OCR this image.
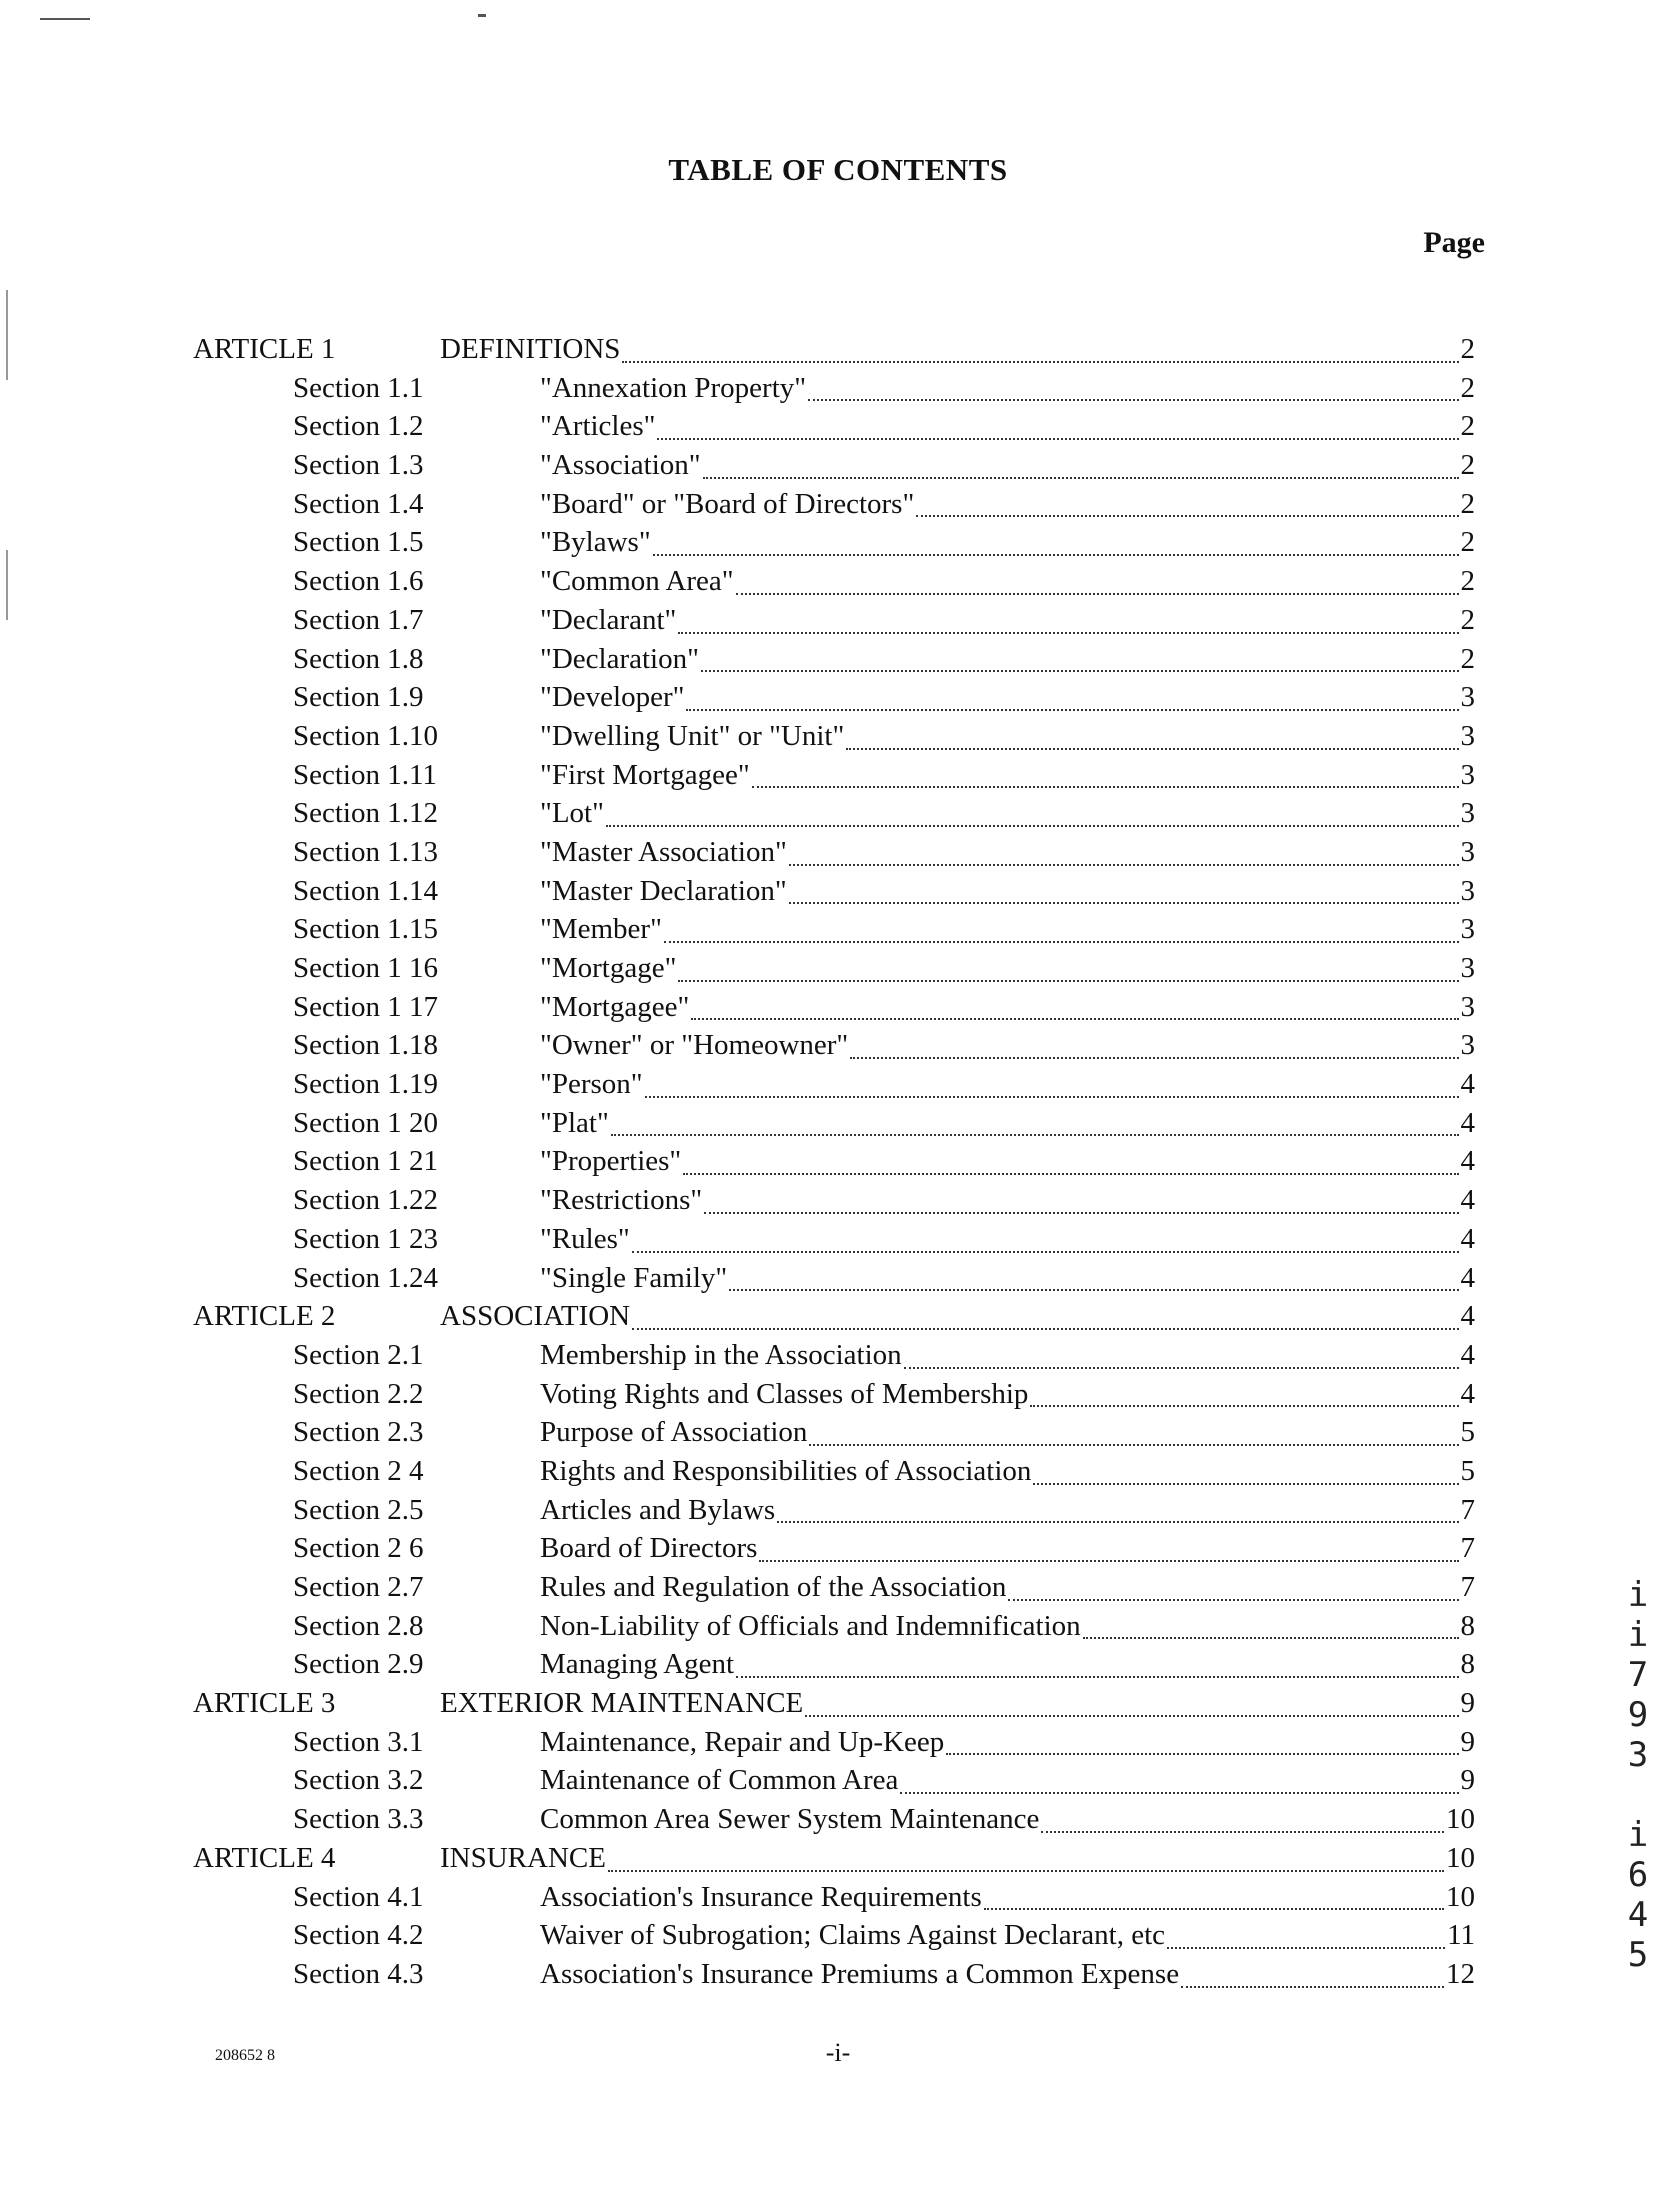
TABLE OF CONTENTS
Page
ARTICLE 1	DEFINITIONS	2
Section 1.1	"Annexation Property"	2
Section 1.2	"Articles"	2
Section 1.3	"Association"	2
Section 1.4	"Board" or "Board of Directors"	2
Section 1.5	"Bylaws"	2
Section 1.6	"Common Area"	2
Section 1.7	"Declarant"	2
Section 1.8	"Declaration"	2
Section 1.9	"Developer"	3
Section 1.10	"Dwelling Unit" or "Unit"	3
Section 1.11	"First Mortgagee"	3
Section 1.12	"Lot"	3
Section 1.13	"Master Association"	3
Section 1.14	"Master Declaration"	3
Section 1.15	"Member"	3
Section 1 16	"Mortgage"	3
Section 1 17	"Mortgagee"	3
Section 1.18	"Owner" or "Homeowner"	3
Section 1.19	"Person"	4
Section 1 20	"Plat"	4
Section 1 21	"Properties"	4
Section 1.22	"Restrictions"	4
Section 1 23	"Rules"	4
Section 1.24	"Single Family"	4
ARTICLE 2	ASSOCIATION	4
Section 2.1	Membership in the Association	4
Section 2.2	Voting Rights and Classes of Membership	4
Section 2.3	Purpose of Association	5
Section 2 4	Rights and Responsibilities of Association	5
Section 2.5	Articles and Bylaws	7
Section 2 6	Board of Directors	7
Section 2.7	Rules and Regulation of the Association	7
Section 2.8	Non-Liability of Officials and Indemnification	8
Section 2.9	Managing Agent	8
ARTICLE 3	EXTERIOR MAINTENANCE	9
Section 3.1	Maintenance, Repair and Up-Keep	9
Section 3.2	Maintenance of Common Area	9
Section 3.3	Common Area Sewer System Maintenance	10
ARTICLE 4	INSURANCE	10
Section 4.1	Association's Insurance Requirements	10
Section 4.2	Waiver of Subrogation; Claims Against Declarant, etc	11
Section 4.3	Association's Insurance Premiums a Common Expense	12
208652 8	-i-
i
i
7
9
3
i
6
4
5
